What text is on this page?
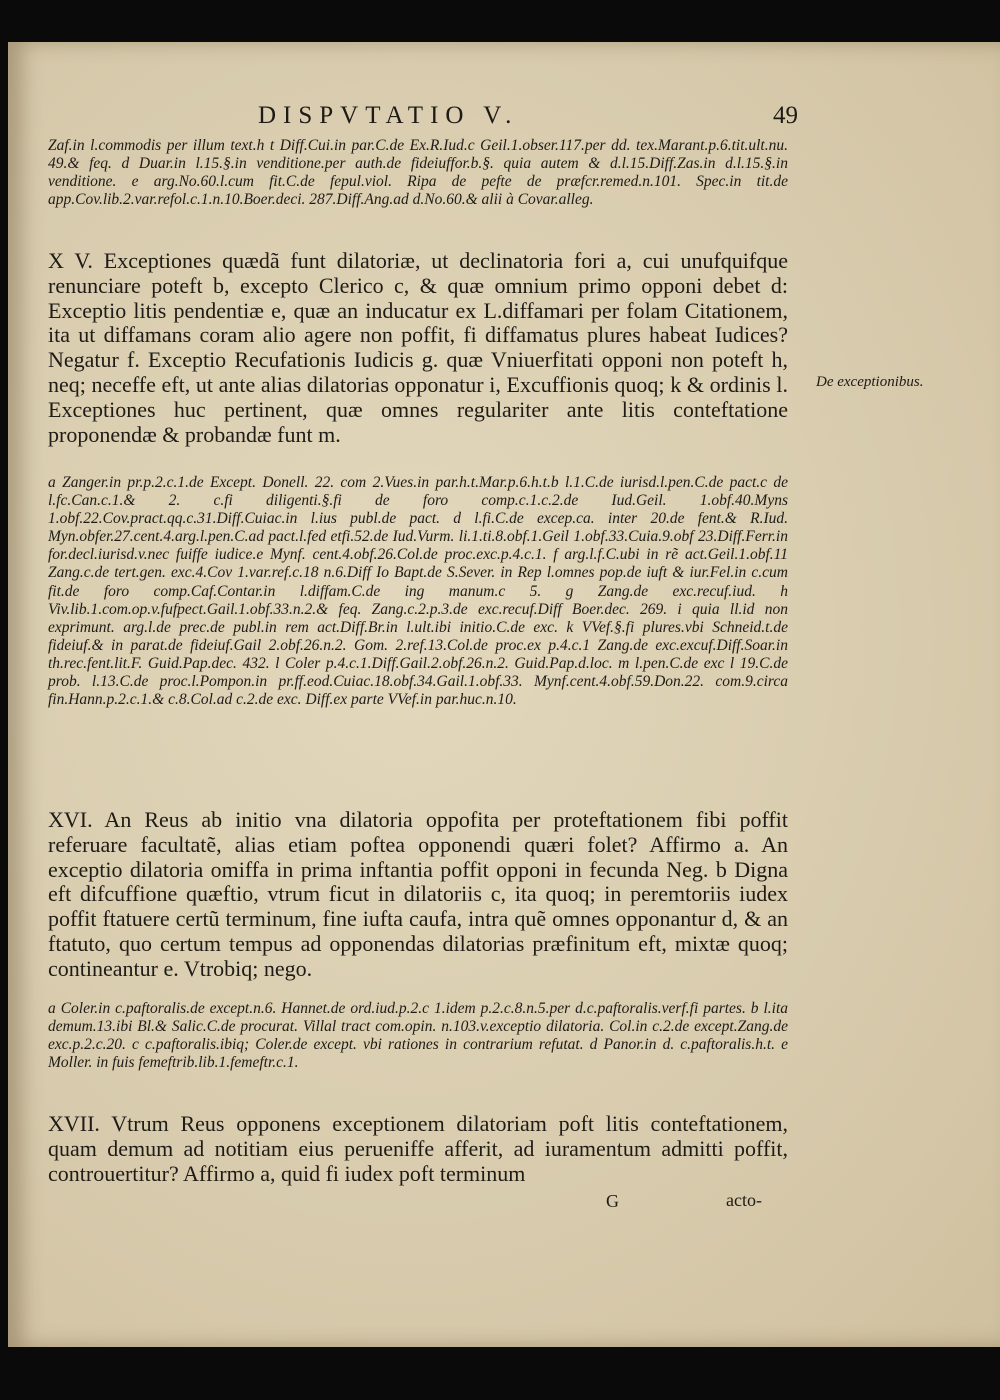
DISPVTATIO V.	49

Zaf.in l.commodis per illum text.h t Diff.Cui.in par.C.de Ex.R.Iud.c Geil.1.obser.117.per dd. tex.Marant.p.6.tit.ult.nu. 49.& feq. d Duar.in l.15.§.in venditione.per auth.de fideiuffor.b.§. quia autem & d.l.15.Diff.Zas.in d.l.15.§.in venditione. e arg.No.60.l.cum fit.C.de fepul.viol. Ripa de pefte de præfcr.remed.n.101. Spec.in tit.de app.Cov.lib.2.var.refol.c.1.n.10.Boer.deci. 287.Diff.Ang.ad d.No.60.& alii à Covar.alleg.

X V. Exceptiones quædã funt dilatoriæ, ut declinatoria fori a, cui unufquifque renunciare poteft b, excepto Clerico c, & quæ omnium primo opponi debet d: Exceptio litis pendentiæ e, quæ an inducatur ex L.diffamari per folam Citationem, ita ut diffamans coram alio agere non poffit, fi diffamatus plures habeat Iudices? Negatur f. Exceptio Recufationis Iudicis g. quæ Vniuerfitati opponi non poteft h, neq; neceffe eft, ut ante alias dilatorias opponatur i, Excuffionis quoq; k & ordinis l. Exceptiones huc pertinent, quæ omnes regulariter ante litis conteftatione proponendæ & probandæ funt m.

De exceptionibus.

a Zanger.in pr.p.2.c.1.de Except. Donell. 22. com 2.Vues.in par.h.t.Mar.p.6.h.t.b l.1.C.de iurisd.l.pen.C.de pact.c de l.fc.Can.c.1.& 2. c.fi diligenti.§.fi de foro comp.c.1.c.2.de Iud.Geil. 1.obf.40.Myns 1.obf.22.Cov.pract.qq.c.31.Diff.Cuiac.in l.ius publ.de pact. d l.fi.C.de excep.ca. inter 20.de fent.& R.Iud. Myn.obfer.27.cent.4.arg.l.pen.C.ad pact.l.fed etfi.52.de Iud.Vurm. li.1.ti.8.obf.1.Geil 1.obf.33.Cuia.9.obf 23.Diff.Ferr.in for.decl.iurisd.v.nec fuiffe iudice.e Mynf. cent.4.obf.26.Col.de proc.exc.p.4.c.1. f arg.l.f.C.ubi in rẽ act.Geil.1.obf.11 Zang.c.de tert.gen. exc.4.Cov 1.var.ref.c.18 n.6.Diff Io Bapt.de S.Sever. in Rep l.omnes pop.de iuft & iur.Fel.in c.cum fit.de foro comp.Caf.Contar.in l.diffam.C.de ing manum.c 5. g Zang.de exc.recuf.iud. h Viv.lib.1.com.op.v.fufpect.Gail.1.obf.33.n.2.& feq. Zang.c.2.p.3.de exc.recuf.Diff Boer.dec. 269. i quia ll.id non exprimunt. arg.l.de prec.de publ.in rem act.Diff.Br.in l.ult.ibi initio.C.de exc. k VVef.§.fi plures.vbi Schneid.t.de fideiuf.& in parat.de fideiuf.Gail 2.obf.26.n.2. Gom. 2.ref.13.Col.de proc.ex p.4.c.1 Zang.de exc.excuf.Diff.Soar.in th.rec.fent.lit.F. Guid.Pap.dec. 432. l Coler p.4.c.1.Diff.Gail.2.obf.26.n.2. Guid.Pap.d.loc. m l.pen.C.de exc l 19.C.de prob. l.13.C.de proc.l.Pompon.in pr.ff.eod.Cuiac.18.obf.34.Gail.1.obf.33. Mynf.cent.4.obf.59.Don.22. com.9.circa fin.Hann.p.2.c.1.& c.8.Col.ad c.2.de exc. Diff.ex parte VVef.in par.huc.n.10.

XVI. An Reus ab initio vna dilatoria oppofita per proteftationem fibi poffit referuare facultatẽ, alias etiam poftea opponendi quæri folet? Affirmo a. An exceptio dilatoria omiffa in prima inftantia poffit opponi in fecunda Neg. b Digna eft difcuffione quæftio, vtrum ficut in dilatoriis c, ita quoq; in peremtoriis iudex poffit ftatuere certũ terminum, fine iufta caufa, intra quẽ omnes opponantur d, & an ftatuto, quo certum tempus ad opponendas dilatorias præfinitum eft, mixtæ quoq; contineantur e. Vtrobiq; nego.

a Coler.in c.paftoralis.de except.n.6. Hannet.de ord.iud.p.2.c 1.idem p.2.c.8.n.5.per d.c.paftoralis.verf.fi partes. b l.ita demum.13.ibi Bl.& Salic.C.de procurat. Villal tract com.opin. n.103.v.exceptio dilatoria. Col.in c.2.de except.Zang.de exc.p.2.c.20. c c.paftoralis.ibiq; Coler.de except. vbi rationes in contrarium refutat. d Panor.in d. c.paftoralis.h.t. e Moller. in fuis femeftrib.lib.1.femeftr.c.1.

XVII. Vtrum Reus opponens exceptionem dilatoriam poft litis conteftationem, quam demum ad notitiam eius perueniffe afferit, ad iuramentum admitti poffit, controuertitur? Affirmo a, quid fi iudex poft terminum

G	acto-
